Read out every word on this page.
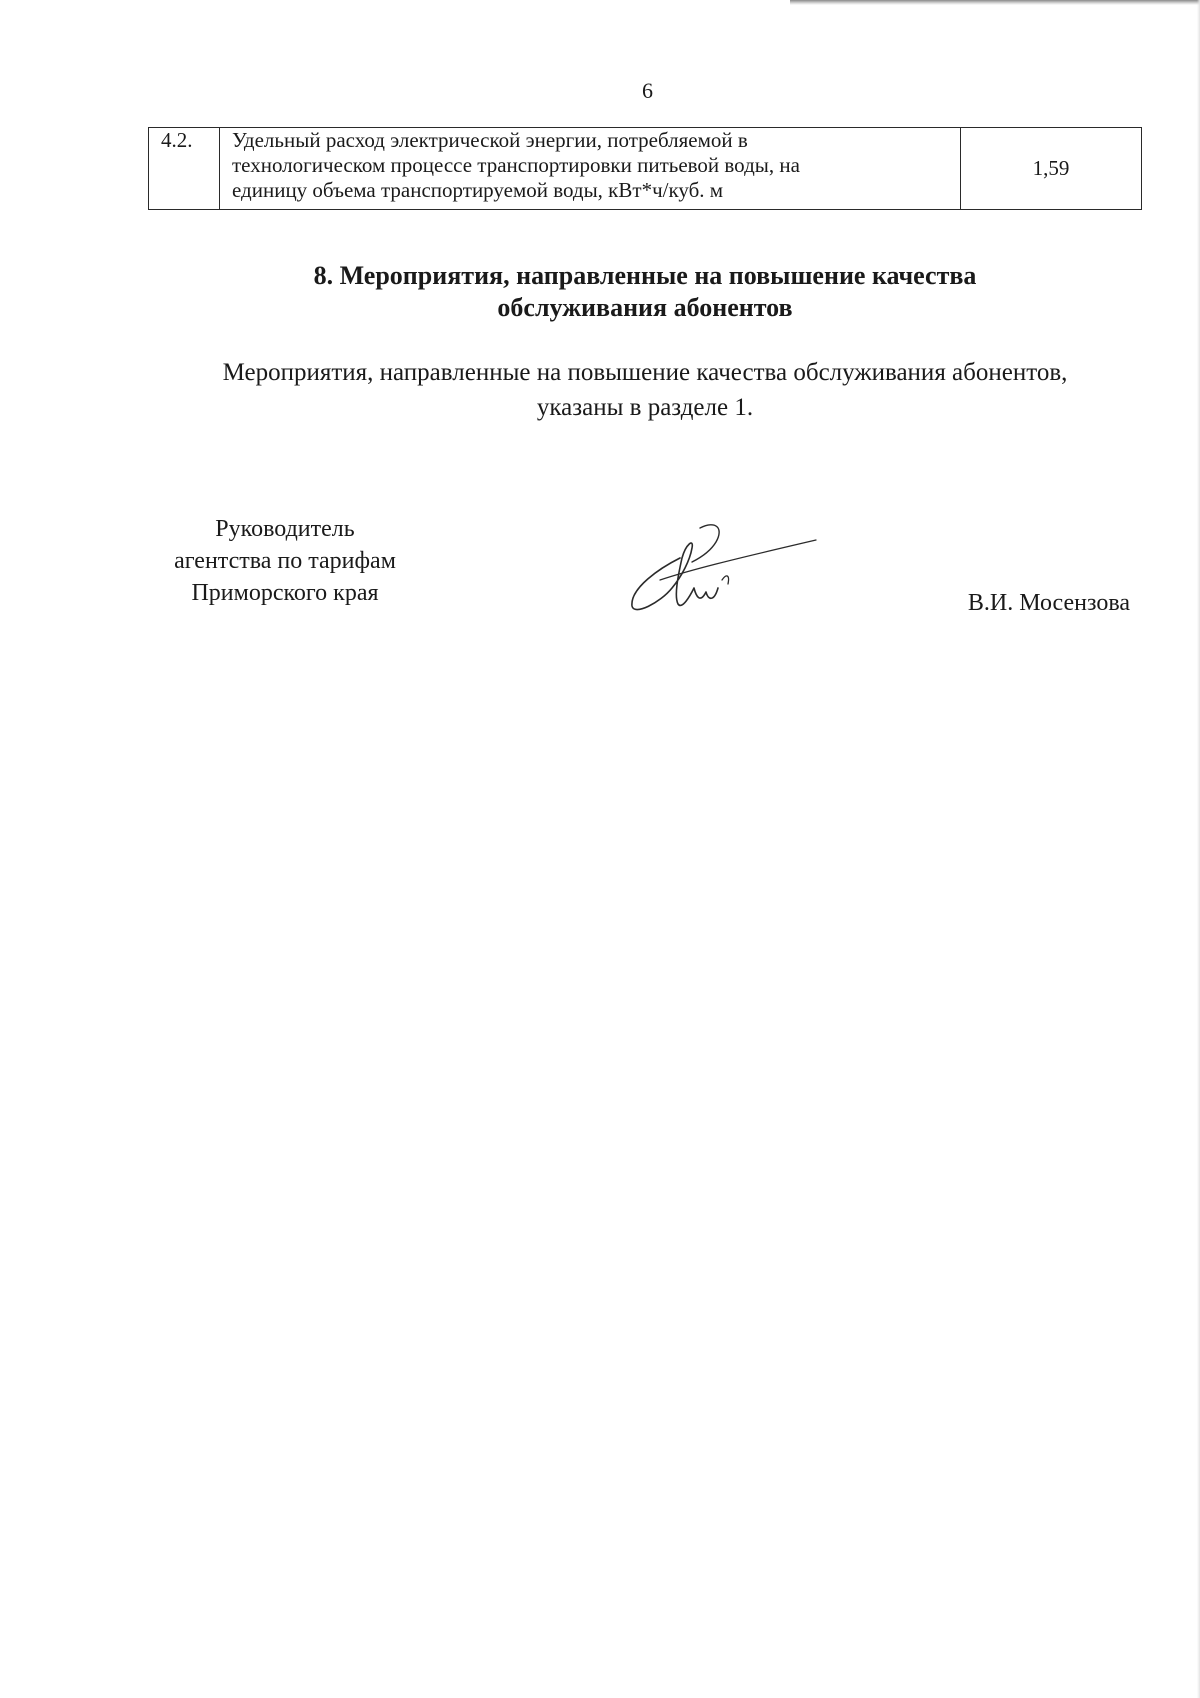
6
4.2.	Удельный расход электрической энергии, потребляемой в
технологическом процессе транспортировки питьевой воды, на
единицу объема транспортируемой воды, кВт*ч/куб. м
	1,59
8. Мероприятия, направленные на повышение качества
обслуживания абонентов
Мероприятия, направленные на повышение качества обслуживания абонентов,
указаны в разделе 1.
Руководитель
агентства по тарифам
Приморского края	В.И. Мосензова
